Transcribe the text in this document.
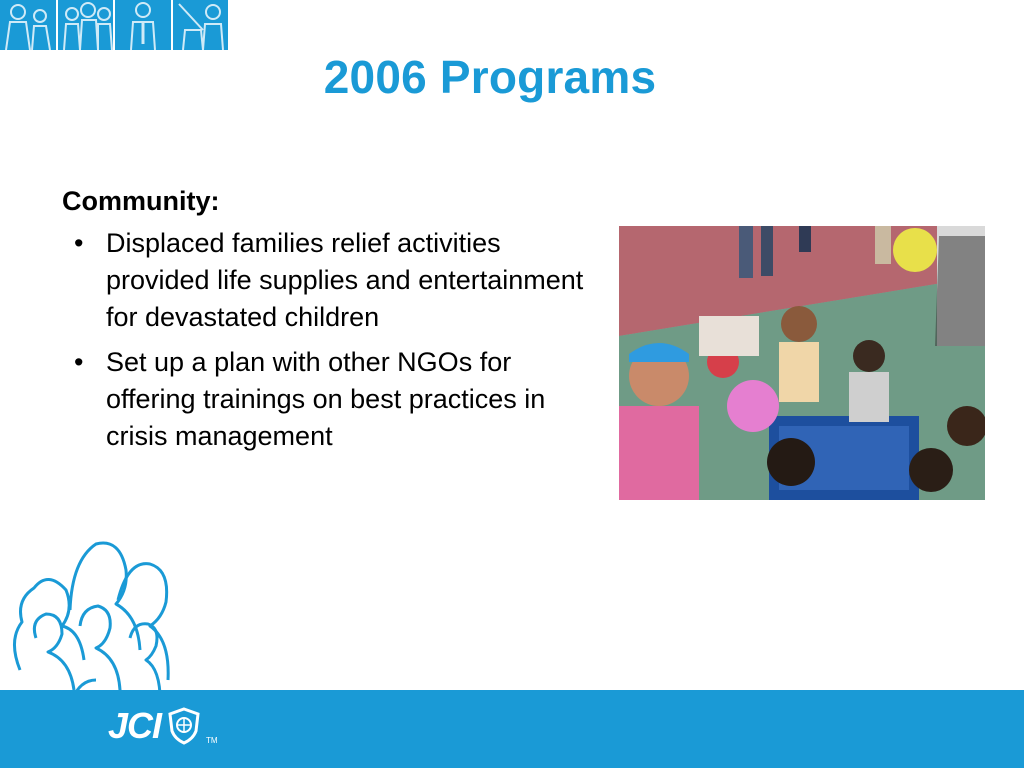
2006 Programs

Community:

• Displaced families relief activities provided life supplies and entertainment for devastated children
• Set up a plan with other NGOs for offering trainings on best practices in crisis management
JCI	TM
